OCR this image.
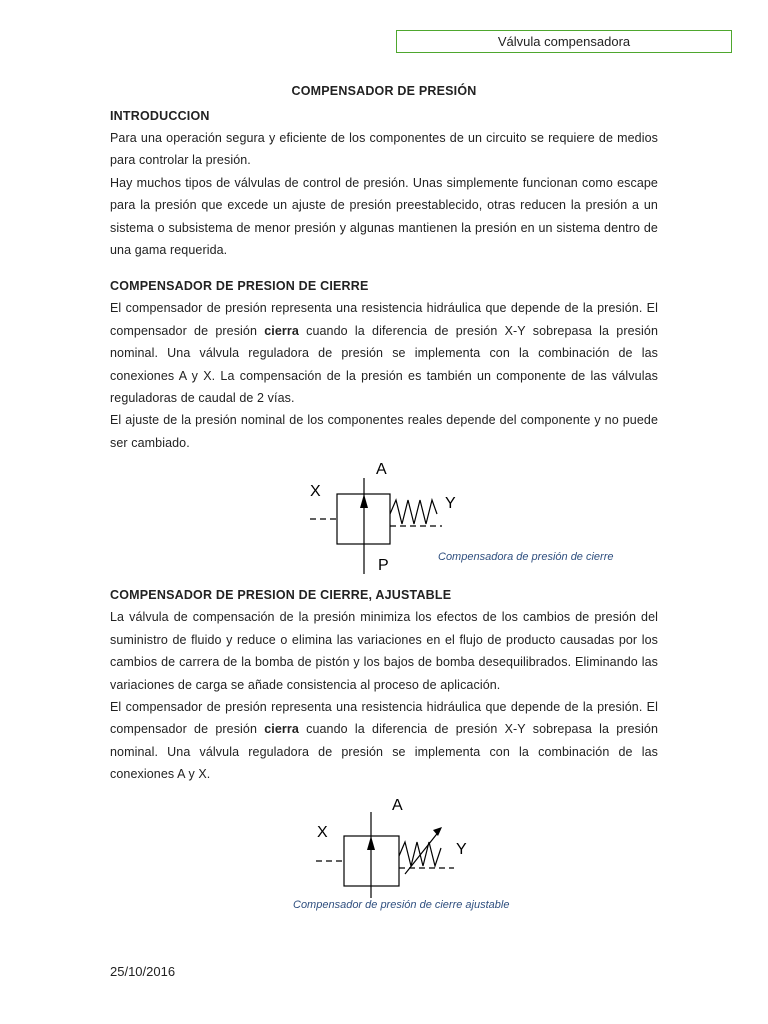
Válvula compensadora
COMPENSADOR DE PRESIÓN
INTRODUCCION

Para una operación segura y eficiente de los componentes de un circuito se requiere de medios para controlar la presión.

Hay muchos tipos de válvulas de control de presión. Unas simplemente funcionan como escape para la presión que excede un ajuste de presión preestablecido, otras reducen la presión a un sistema o subsistema de menor presión y algunas mantienen la presión en un sistema dentro de una gama requerida.

COMPENSADOR DE PRESION DE CIERRE

El compensador de presión representa una resistencia hidráulica que depende de la presión. El compensador de presión cierra cuando la diferencia de presión X-Y sobrepasa la presión nominal. Una válvula reguladora de presión se implementa con la combinación de las conexiones A y X. La compensación de la presión es también un componente de las válvulas reguladoras de caudal de 2 vías.

El ajuste de la presión nominal de los componentes reales depende del componente y no puede ser cambiado.

A
X
Y
P	Compensadora de presión de cierre
COMPENSADOR DE PRESION DE CIERRE, AJUSTABLE

La válvula de compensación de la presión minimiza los efectos de los cambios de presión del suministro de fluido y reduce o elimina las variaciones en el flujo de producto causadas por los cambios de carrera de la bomba de pistón y los bajos de bomba desequilibrados. Eliminando las variaciones de carga se añade consistencia al proceso de aplicación.

El compensador de presión representa una resistencia hidráulica que depende de la presión. El compensador de presión cierra cuando la diferencia de presión X-Y sobrepasa la presión nominal. Una válvula reguladora de presión se implementa con la combinación de las conexiones A y X.

A
X
Y
Compensador de presión de cierre ajustable
25/10/2016
